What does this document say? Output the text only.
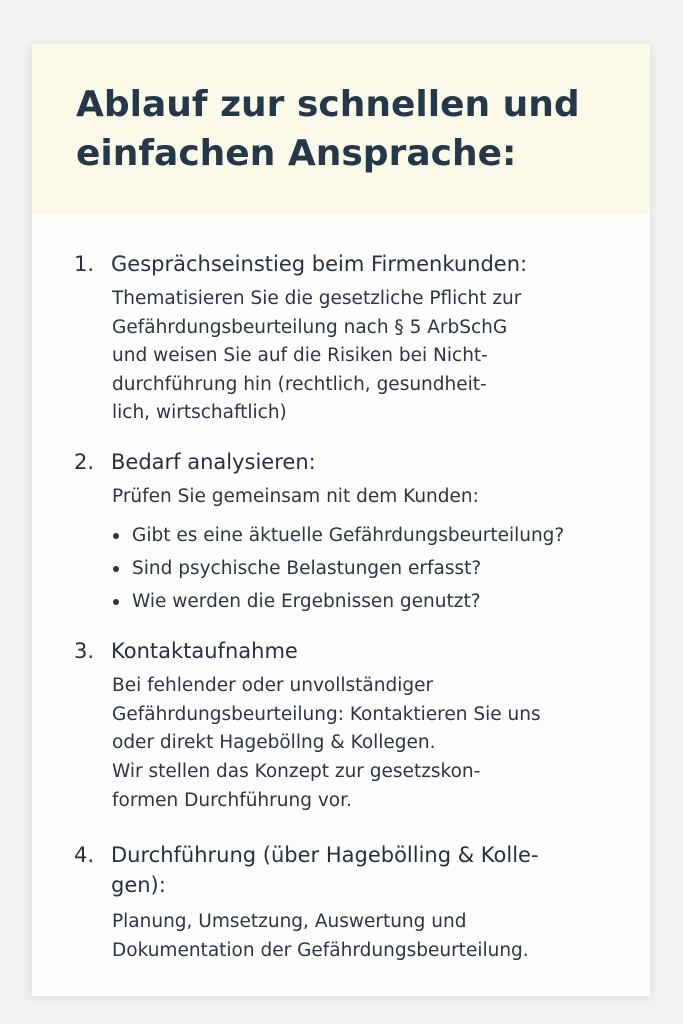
Ablauf zur schnellen und einfachen Ansprache:
1. Gesprächseinstieg beim Firmenkunden:
Thematisieren Sie die gesetzliche Pflicht zur
Gefährdungsbeurteilung nach § 5 ArbSchG
und weisen Sie auf die Risiken bei Nicht-
durchführung hin (rechtlich, gesundheit-
lich, wirtschaftlich)
2. Bedarf analysieren:
Prüfen Sie gemeinsam nit dem Kunden:
Gibt es eine äktuelle Gefährdungsbeurteilung?
Sind psychische Belastungen erfasst?
Wie werden die Ergebnissen genutzt?
3. Kontaktaufnahme
Bei fehlender oder unvollständiger
Gefährdungsbeurteilung: Kontaktieren Sie uns
oder direkt Hageböllng & Kollegen.
Wir stellen das Konzept zur gesetzskon-
formen Durchführung vor.
4. Durchführung (über Hagebölling & Kolle-
gen):
Planung, Umsetzung, Auswertung und
Dokumentation der Gefährdungsbeurteilung.
